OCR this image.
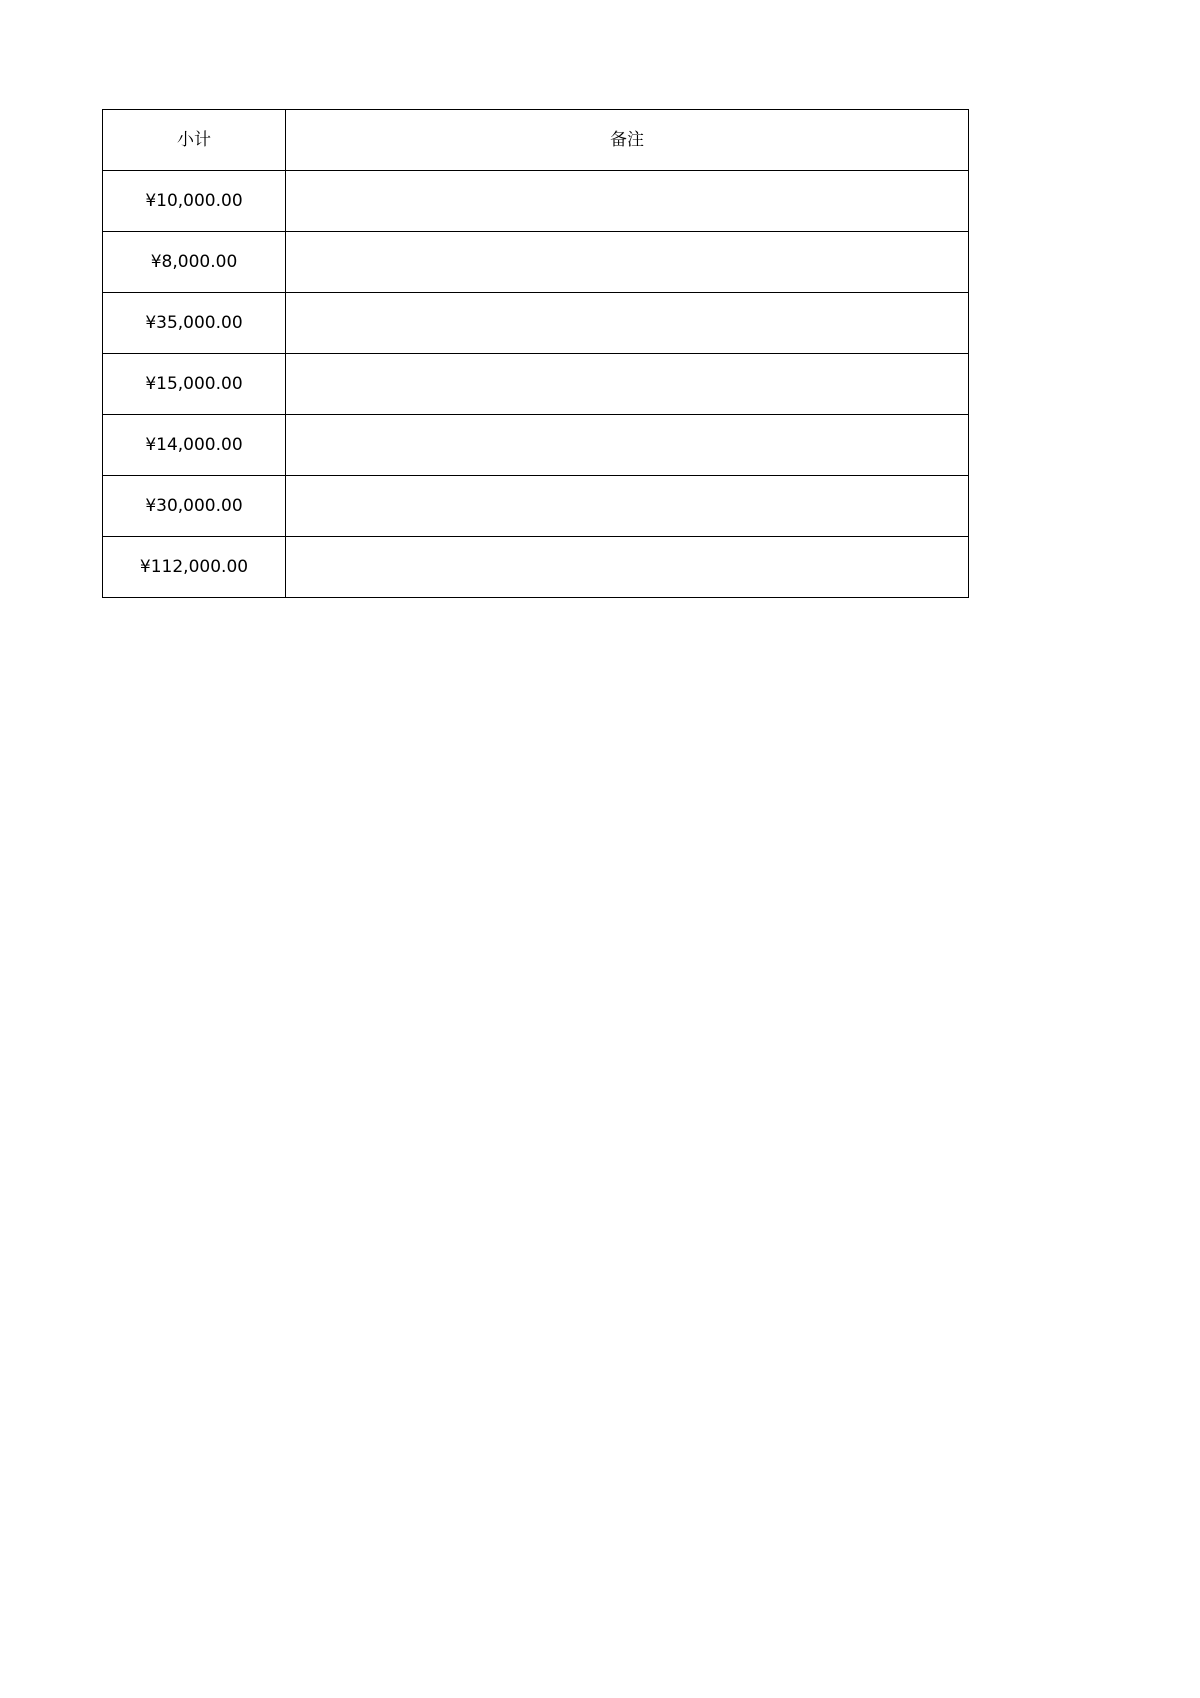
小计	备注
¥10,000.00	
¥8,000.00	
¥35,000.00	
¥15,000.00	
¥14,000.00	
¥30,000.00	
¥112,000.00	
